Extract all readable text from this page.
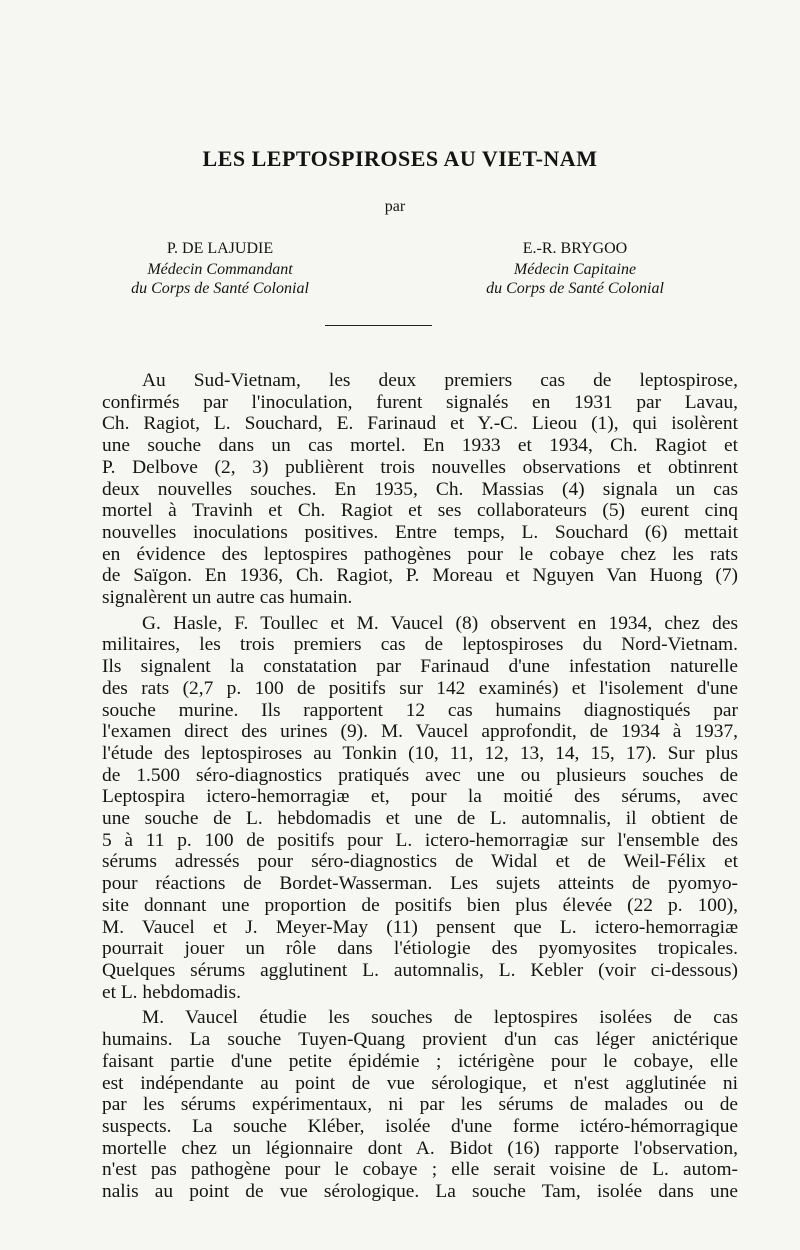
LES LEPTOSPIROSES AU VIET-NAM
par
P. DE LAJUDIE
Médecin Commandant
du Corps de Santé Colonial
E.-R. BRYGOO
Médecin Capitaine
du Corps de Santé Colonial
Au Sud-Vietnam, les deux premiers cas de leptospirose,
confirmés par l'inoculation, furent signalés en 1931 par Lavau,
Ch. Ragiot, L. Souchard, E. Farinaud et Y.-C. Lieou (1), qui isolèrent
une souche dans un cas mortel. En 1933 et 1934, Ch. Ragiot et
P. Delbove (2, 3) publièrent trois nouvelles observations et obtinrent
deux nouvelles souches. En 1935, Ch. Massias (4) signala un cas
mortel à Travinh et Ch. Ragiot et ses collaborateurs (5) eurent cinq
nouvelles inoculations positives. Entre temps, L. Souchard (6) mettait
en évidence des leptospires pathogènes pour le cobaye chez les rats
de Saïgon. En 1936, Ch. Ragiot, P. Moreau et Nguyen Van Huong (7)
signalèrent un autre cas humain.
G. Hasle, F. Toullec et M. Vaucel (8) observent en 1934, chez des
militaires, les trois premiers cas de leptospiroses du Nord-Vietnam.
Ils signalent la constatation par Farinaud d'une infestation naturelle
des rats (2,7 p. 100 de positifs sur 142 examinés) et l'isolement d'une
souche murine. Ils rapportent 12 cas humains diagnostiqués par
l'examen direct des urines (9). M. Vaucel approfondit, de 1934 à 1937,
l'étude des leptospiroses au Tonkin (10, 11, 12, 13, 14, 15, 17). Sur plus
de 1.500 séro-diagnostics pratiqués avec une ou plusieurs souches de
Leptospira ictero-hemorragiæ et, pour la moitié des sérums, avec
une souche de L. hebdomadis et une de L. automnalis, il obtient de
5 à 11 p. 100 de positifs pour L. ictero-hemorragiæ sur l'ensemble des
sérums adressés pour séro-diagnostics de Widal et de Weil-Félix et
pour réactions de Bordet-Wasserman. Les sujets atteints de pyomyo-
site donnant une proportion de positifs bien plus élevée (22 p. 100),
M. Vaucel et J. Meyer-May (11) pensent que L. ictero-hemorragiæ
pourrait jouer un rôle dans l'étiologie des pyomyosites tropicales.
Quelques sérums agglutinent L. automnalis, L. Kebler (voir ci-dessous)
et L. hebdomadis.
M. Vaucel étudie les souches de leptospires isolées de cas
humains. La souche Tuyen-Quang provient d'un cas léger anictérique
faisant partie d'une petite épidémie ; ictérigène pour le cobaye, elle
est indépendante au point de vue sérologique, et n'est agglutinée ni
par les sérums expérimentaux, ni par les sérums de malades ou de
suspects. La souche Kléber, isolée d'une forme ictéro-hémorragique
mortelle chez un légionnaire dont A. Bidot (16) rapporte l'observation,
n'est pas pathogène pour le cobaye ; elle serait voisine de L. autom-
nalis au point de vue sérologique. La souche Tam, isolée dans une
